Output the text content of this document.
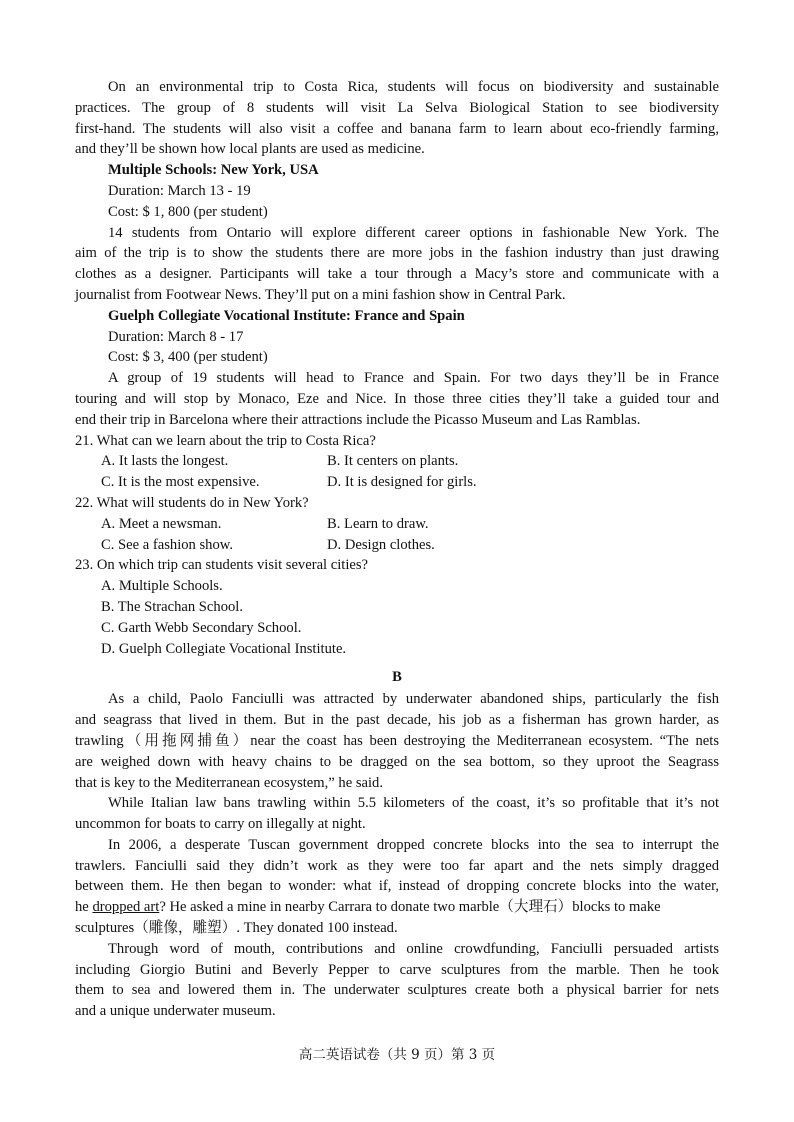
On an environmental trip to Costa Rica, students will focus on biodiversity and sustainable
practices. The group of 8 students will visit La Selva Biological Station to see biodiversity
first-hand. The students will also visit a coffee and banana farm to learn about eco-friendly farming,
and they’ll be shown how local plants are used as medicine.
Multiple Schools: New York, USA
Duration: March 13 - 19
Cost: $ 1, 800 (per student)
14 students from Ontario will explore different career options in fashionable New York. The
aim of the trip is to show the students there are more jobs in the fashion industry than just drawing
clothes as a designer. Participants will take a tour through a Macy’s store and communicate with a
journalist from Footwear News. They’ll put on a mini fashion show in Central Park.
Guelph Collegiate Vocational Institute: France and Spain
Duration: March 8 - 17
Cost: $ 3, 400 (per student)
A group of 19 students will head to France and Spain. For two days they’ll be in France
touring and will stop by Monaco, Eze and Nice. In those three cities they’ll take a guided tour and
end their trip in Barcelona where their attractions include the Picasso Museum and Las Ramblas.
21. What can we learn about the trip to Costa Rica?
A. It lasts the longest.	B. It centers on plants.
C. It is the most expensive.	D. It is designed for girls.
22. What will students do in New York?
A. Meet a newsman.	B. Learn to draw.
C. See a fashion show.	D. Design clothes.
23. On which trip can students visit several cities?
A. Multiple Schools.
B. The Strachan School.
C. Garth Webb Secondary School.
D. Guelph Collegiate Vocational Institute.
B
As a child, Paolo Fanciulli was attracted by underwater abandoned ships, particularly the fish
and seagrass that lived in them. But in the past decade, his job as a fisherman has grown harder, as
trawling（用拖网捕鱼）near the coast has been destroying the Mediterranean ecosystem. “The nets
are weighed down with heavy chains to be dragged on the sea bottom, so they uproot the Seagrass
that is key to the Mediterranean ecosystem,” he said.
While Italian law bans trawling within 5.5 kilometers of the coast, it’s so profitable that it’s not
uncommon for boats to carry on illegally at night.
In 2006, a desperate Tuscan government dropped concrete blocks into the sea to interrupt the
trawlers. Fanciulli said they didn’t work as they were too far apart and the nets simply dragged
between them. He then began to wonder: what if, instead of dropping concrete blocks into the water,
he dropped art? He asked a mine in nearby Carrara to donate two marble（大理石）blocks to make
sculptures（雕像，雕塑）. They donated 100 instead.
Through word of mouth, contributions and online crowdfunding, Fanciulli persuaded artists
including Giorgio Butini and Beverly Pepper to carve sculptures from the marble. Then he took
them to sea and lowered them in. The underwater sculptures create both a physical barrier for nets
and a unique underwater museum.
高二英语试卷（共 9 页）第 3 页
